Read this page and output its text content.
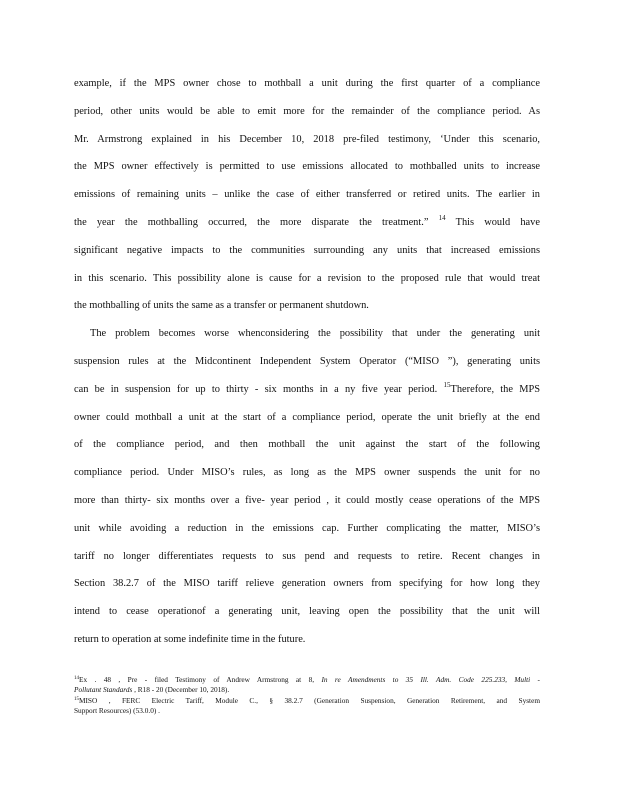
example, if the MPS owner chose to mothball a unit during the first quarter of a compliance
period, other units would be able to emit more for the remainder of the compliance period. As
Mr. Armstrong explained in his December 10, 2018 pre-filed testimony, ‘Under this scenario,
the MPS owner effectively is permitted to use emissions allocated to mothballed units to increase
emissions of remaining units – unlike the case of either transferred or retired units. The earlier in
the year the mothballing occurred, the more disparate the treatment.” $^{14}$ This would have
significant negative impacts to the communities surrounding any units that increased emissions
in this scenario. This possibility alone is cause for a revision to the proposed rule that would treat
the mothballing of units the same as a transfer or permanent shutdown.
The problem becomes worse whenconsidering the possibility that under the generating unit
suspension rules at the Midcontinent Independent System Operator (“MISO ”), generating units
can be in suspension for up to thirty - six months in a ny five year period. $^{15}$Therefore, the MPS
owner could mothball a unit at the start of a compliance period, operate the unit briefly at the end
of the compliance period, and then mothball the unit against the start of the following
compliance period. Under MISO’s rules, as long as the MPS owner suspends the unit for no
more than thirty- six months over a five- year period , it could mostly cease operations of the MPS
unit while avoiding a reduction in the emissions cap. Further complicating the matter, MISO’s
tariff no longer differentiates requests to sus pend and requests to retire. Recent changes in
Section 38.2.7 of the MISO tariff relieve generation owners from specifying for how long they
intend to cease operationof a generating unit, leaving open the possibility that the unit will
return to operation at some indefinite time in the future.
$^{14}$Ex . 48 , Pre - filed Testimony of Andrew Armstrong at 8, In re Amendments to 35 Ill. Adm. Code 225.233, Multi -
Pollutant Standards , R18 - 20 (December 10, 2018).
$^{15}$MISO , FERC Electric Tariff, Module C., § 38.2.7 (Generation Suspension, Generation Retirement, and System
Support Resources) (53.0.0) .
